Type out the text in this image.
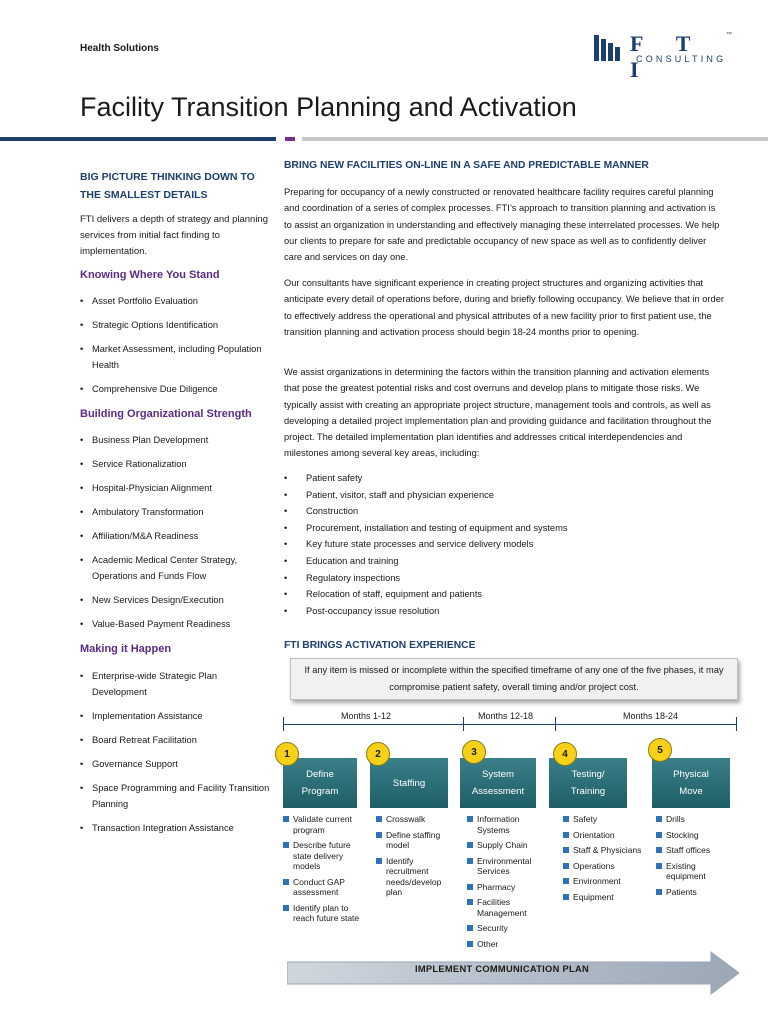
Health Solutions	F T I
™
CONSULTING
Facility Transition Planning and Activation
BIG PICTURE THINKING DOWN TO THE SMALLEST DETAILS
FTI delivers a depth of strategy and planning services from initial fact finding to implementation.
Knowing Where You Stand
• Asset Portfolio Evaluation
• Strategic Options Identification
• Market Assessment, including Population Health
• Comprehensive Due Diligence
Building Organizational Strength
• Business Plan Development
• Service Rationalization
• Hospital-Physician Alignment
• Ambulatory Transformation
• Affiliation/M&A Readiness
• Academic Medical Center Strategy, Operations and Funds Flow
• New Services Design/Execution
• Value-Based Payment Readiness
Making it Happen
• Enterprise-wide Strategic Plan Development
• Implementation Assistance
• Board Retreat Facilitation
• Governance Support
• Space Programming and Facility Transition Planning
• Transaction Integration Assistance
BRING NEW FACILITIES ON-LINE IN A SAFE AND PREDICTABLE MANNER

Preparing for occupancy of a newly constructed or renovated healthcare facility requires careful planning and coordination of a series of complex processes. FTI’s approach to transition planning and activation is to assist an organization in understanding and effectively managing these interrelated processes. We help our clients to prepare for safe and predictable occupancy of new space as well as to confidently deliver care and services on day one.

Our consultants have significant experience in creating project structures and organizing activities that anticipate every detail of operations before, during and briefly following occupancy. We believe that in order to effectively address the operational and physical attributes of a new facility prior to first patient use, the transition planning and activation process should begin 18-24 months prior to opening.

We assist organizations in determining the factors within the transition planning and activation elements that pose the greatest potential risks and cost overruns and develop plans to mitigate those risks. We typically assist with creating an appropriate project structure, management tools and controls, as well as developing a detailed project implementation plan and providing guidance and facilitation throughout the project. The detailed implementation plan identifies and addresses critical interdependencies and milestones among several key areas, including:

• Patient safety
• Patient, visitor, staff and physician experience
• Construction
• Procurement, installation and testing of equipment and systems
• Key future state processes and service delivery models
• Education and training
• Regulatory inspections
• Relocation of staff, equipment and patients
• Post-occupancy issue resolution
FTI BRINGS ACTIVATION EXPERIENCE
If any item is missed or incomplete within the specified timeframe of any one of the five phases, it may compromise patient safety, overall timing and/or project cost.
Months 1-12	Months 12-18	Months 18-24
Define Program
Staffing
System Assessment
Testing/ Training
Physical Move
1	2	3	4	5
Validate current program
Describe future state delivery models
Conduct GAP assessment
Identify plan to reach future state
Crosswalk
Define staffing model
Identify recruitment needs/develop plan
Information Systems
Supply Chain
Environmental Services
Pharmacy
Facilities Management
Security
Other
Safety
Orientation
Staff & Physicians
Operations
Environment
Equipment
Drills
Stocking
Staff offices
Existing equipment
Patients
IMPLEMENT COMMUNICATION PLAN
